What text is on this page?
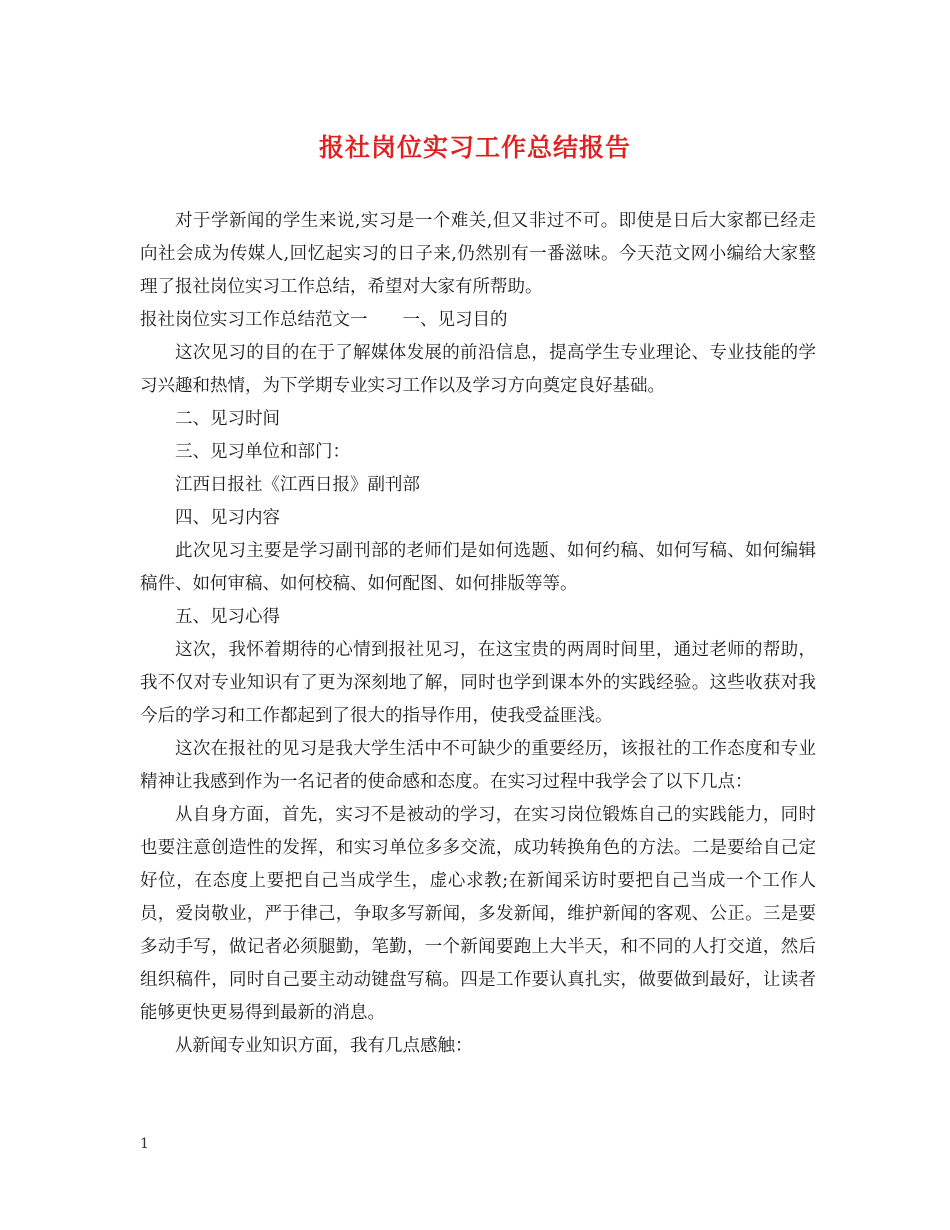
报社岗位实习工作总结报告

对于学新闻的学生来说,实习是一个难关,但又非过不可。即使是日后大家都已经走向社会成为传媒人,回忆起实习的日子来,仍然别有一番滋味。今天范文网小编给大家整理了报社岗位实习工作总结，希望对大家有所帮助。

报社岗位实习工作总结范文一　　一、见习目的

这次见习的目的在于了解媒体发展的前沿信息，提高学生专业理论、专业技能的学习兴趣和热情，为下学期专业实习工作以及学习方向奠定良好基础。

二、见习时间

三、见习单位和部门：

江西日报社《江西日报》副刊部

四、见习内容

此次见习主要是学习副刊部的老师们是如何选题、如何约稿、如何写稿、如何编辑稿件、如何审稿、如何校稿、如何配图、如何排版等等。

五、见习心得

这次，我怀着期待的心情到报社见习，在这宝贵的两周时间里，通过老师的帮助，我不仅对专业知识有了更为深刻地了解，同时也学到课本外的实践经验。这些收获对我今后的学习和工作都起到了很大的指导作用，使我受益匪浅。

这次在报社的见习是我大学生活中不可缺少的重要经历，该报社的工作态度和专业精神让我感到作为一名记者的使命感和态度。在实习过程中我学会了以下几点：

从自身方面，首先，实习不是被动的学习，在实习岗位锻炼自己的实践能力，同时也要注意创造性的发挥，和实习单位多多交流，成功转换角色的方法。二是要给自己定好位，在态度上要把自己当成学生，虚心求教;在新闻采访时要把自己当成一个工作人员，爱岗敬业，严于律己，争取多写新闻，多发新闻，维护新闻的客观、公正。三是要多动手写，做记者必须腿勤，笔勤，一个新闻要跑上大半天，和不同的人打交道，然后组织稿件，同时自己要主动动键盘写稿。四是工作要认真扎实，做要做到最好，让读者能够更快更易得到最新的消息。

从新闻专业知识方面，我有几点感触：

1
